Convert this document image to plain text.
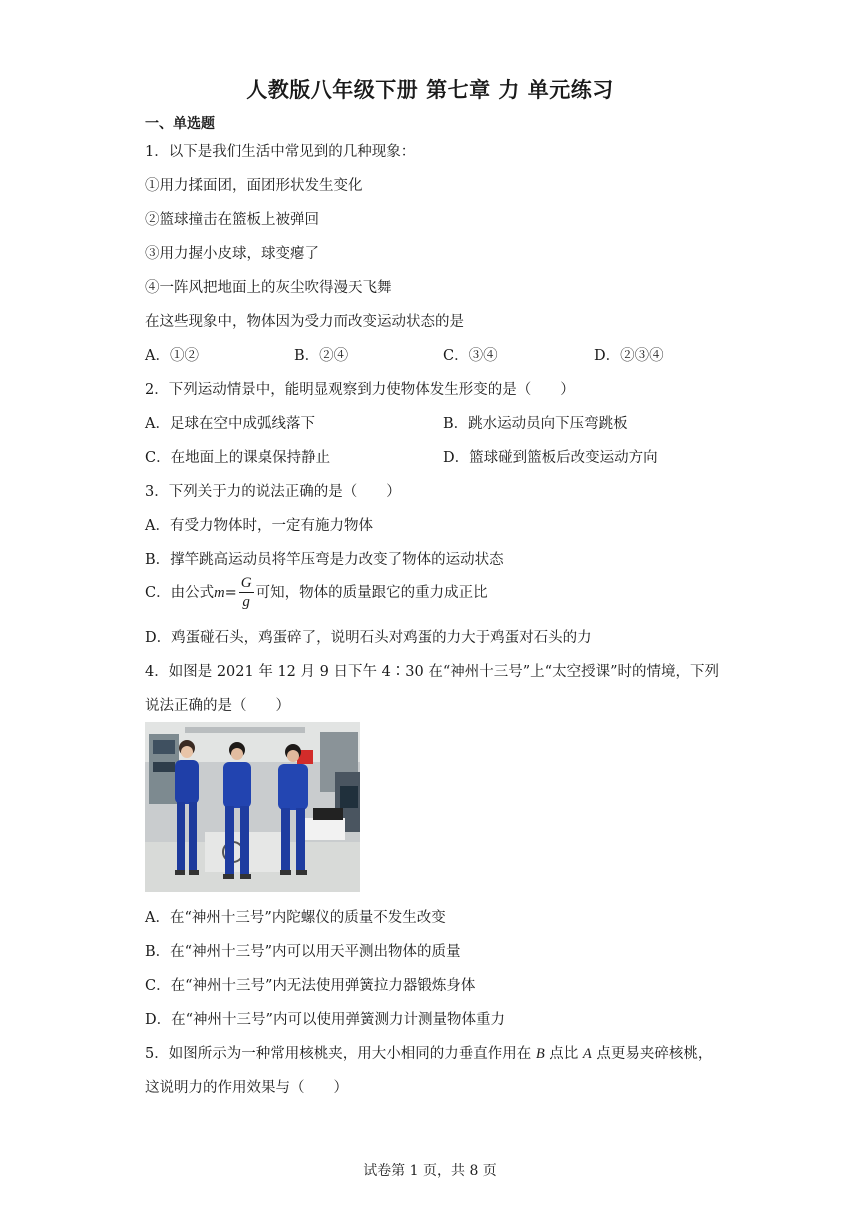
人教版八年级下册 第七章 力 单元练习
一、单选题
1．以下是我们生活中常见到的几种现象：
①用力揉面团，面团形状发生变化
②篮球撞击在篮板上被弹回
③用力握小皮球，球变瘪了
④一阵风把地面上的灰尘吹得漫天飞舞
在这些现象中，物体因为受力而改变运动状态的是
A．①②	B．②④	C．③④	D．②③④
2．下列运动情景中，能明显观察到力使物体发生形变的是（　　）
A．足球在空中成弧线落下	B．跳水运动员向下压弯跳板
C．在地面上的课桌保持静止	D．篮球碰到篮板后改变运动方向
3．下列关于力的说法正确的是（　　）
A．有受力物体时，一定有施力物体
B．撑竿跳高运动员将竿压弯是力改变了物体的运动状态
C．由公式$m= \frac{G}{g}$ 可知，物体的质量跟它的重力成正比
D．鸡蛋碰石头，鸡蛋碎了，说明石头对鸡蛋的力大于鸡蛋对石头的力
4．如图是 2021 年 12 月 9 日下午 4∶30 在“神州十三号”上“太空授课”时的情境，下列
说法正确的是（　　）
A．在“神州十三号”内陀螺仪的质量不发生改变
B．在“神州十三号”内可以用天平测出物体的质量
C．在“神州十三号”内无法使用弹簧拉力器锻炼身体
D．在“神州十三号”内可以使用弹簧测力计测量物体重力
5．如图所示为一种常用核桃夹，用大小相同的力垂直作用在 B 点比 A 点更易夹碎核桃，
这说明力的作用效果与（　　）
试卷第 1 页，共 8 页
